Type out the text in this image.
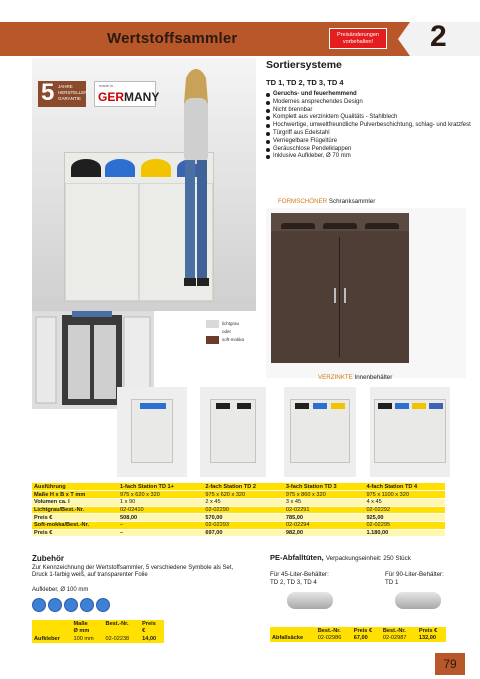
Wertstoffsammler	Preisänderungen vorbehalten!	2
5 JAHRE HERSTELLER GARANTIE
made in
GERMANY
lichtgrau
oder
soft-mokka
Sortiersysteme
TD 1, TD 2, TD 3, TD 4
Geruchs- und feuerhemmend
Modernes ansprechendes Design
Nicht brennbar
Komplett aus verzinktem Qualitäts - Stahlblech
Hochwertige, umweltfreundliche Pulverbeschichtung, schlag- und kratzfest
Türgriff aus Edelstahl
Verriegelbare Flügeltüre
Geräuschlose Pendelklappen
Inklusive Aufkleber, Ø 70 mm
FORMSCHÖNER Schranksammler
VERZINKTE Innenbehälter
Ausführung	1-fach Station TD 1+	2-fach Station TD 2	3-fach Station TD 3	4-fach Station TD 4
Maße H x B x T mm	975 x 620 x 320	975 x 620 x 320	975 x 860 x 320	975 x 1100 x 320
Volumen ca. l	1 x 90	2 x 45	3 x 45	4 x 45
Lichtgrau/Best.-Nr.	02-02410	02-02290	02-02291	02-02292
Preis €	508,00	570,00	785,00	925,00
Soft-mokka/Best.-Nr.	–	02-02293	02-02294	02-02295
Preis €	–	697,00	982,00	1.180,00
Zubehör
Zur Kennzeichnung der Wertstoffsammler, 5 verschiedene Symbole als Set, Druck 1-farbig weiß, auf transparenter Folie
Aufkleber, Ø 100 mm
	Maße	Best.-Nr.	Preis
	Ø mm		€
Aufkleber	100 mm	02-02238	14,00
PE-Abfalltüten, Verpackungseinheit: 250 Stück
Für 45-Liter-Behälter:
TD 2, TD 3, TD 4
Für 90-Liter-Behälter:
TD 1
	Best.-Nr.	Preis €	Best.-Nr.	Preis €
Abfallsäcke	02-02986	67,00	02-02987	132,00
79
